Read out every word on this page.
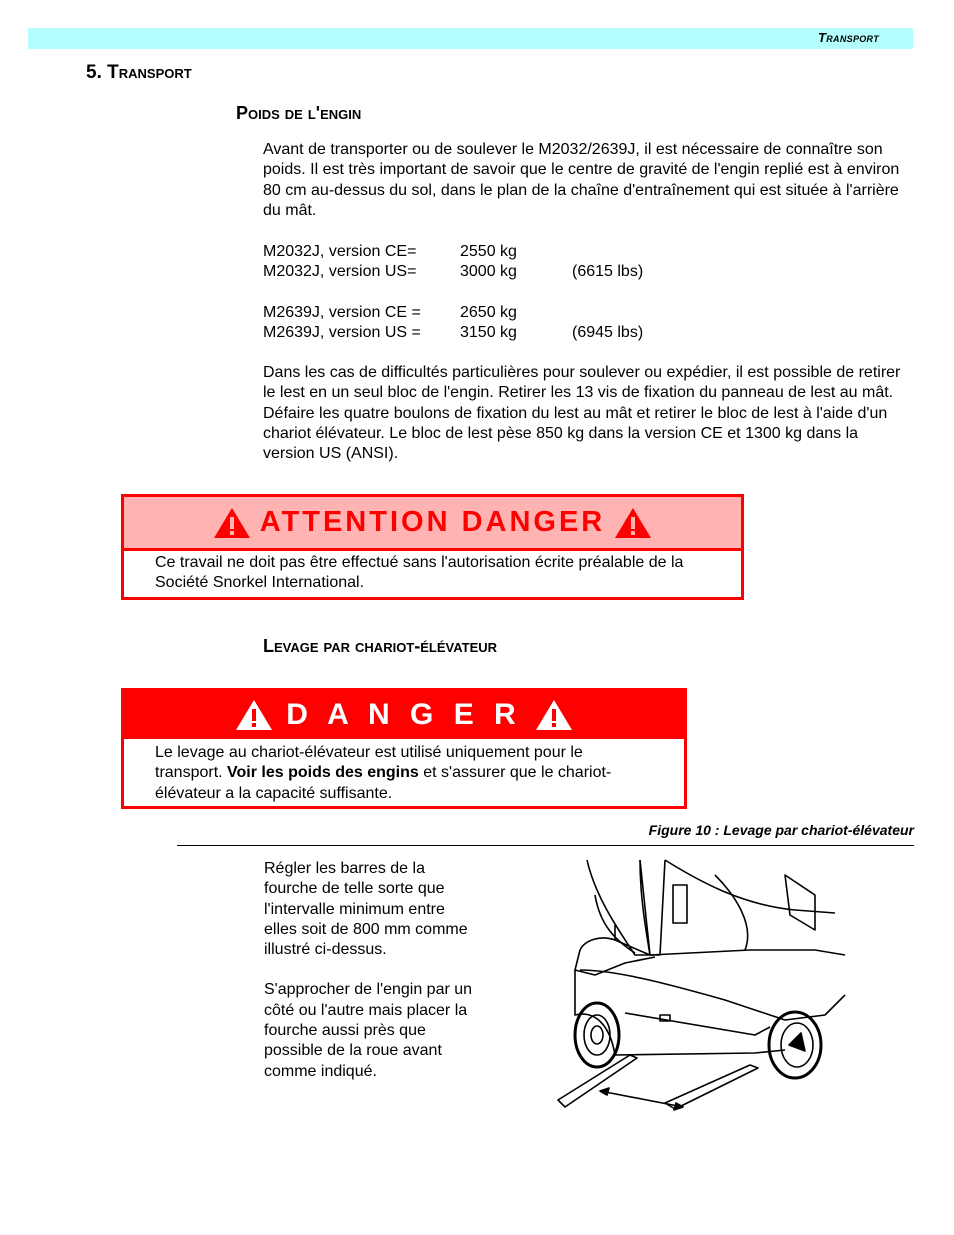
Transport
5. Transport
Poids de l'engin

Avant de transporter ou de soulever le M2032/2639J, il est nécessaire de connaître son poids. Il est très important de savoir que le centre de gravité de l'engin replié est à environ 80 cm au-dessus du sol, dans le plan de la chaîne d'entraînement qui est située à l'arrière du mât.

M2032J, version CE=	2550 kg
M2032J, version US=	3000 kg	(6615 lbs)
M2639J, version CE =	2650 kg
M2639J, version US =	3150 kg	(6945 lbs)

Dans les cas de difficultés particulières pour soulever ou expédier, il est possible de retirer le lest en un seul bloc de l'engin. Retirer les 13 vis de fixation du panneau de lest au mât. Défaire les quatre boulons de fixation du lest au mât et retirer le bloc de lest à l'aide d'un chariot élévateur. Le bloc de lest pèse 850 kg dans la version CE et 1300 kg dans la version US (ANSI).

ATTENTION DANGER

Ce travail ne doit pas être effectué sans l'autorisation écrite préalable de la Société Snorkel International.

Levage par chariot-élévateur
D A N G E R

Le levage au chariot-élévateur est utilisé uniquement pour le transport. Voir les poids des engins et s'assurer que le chariot-élévateur a la capacité suffisante.

Figure 10 : Levage par chariot-élévateur

Régler les barres de la fourche de telle sorte que l'intervalle minimum entre elles soit de 800 mm comme illustré ci-dessus.

S'approcher de l'engin par un côté ou l'autre mais placer la fourche aussi près que possible de la roue avant comme indiqué.
